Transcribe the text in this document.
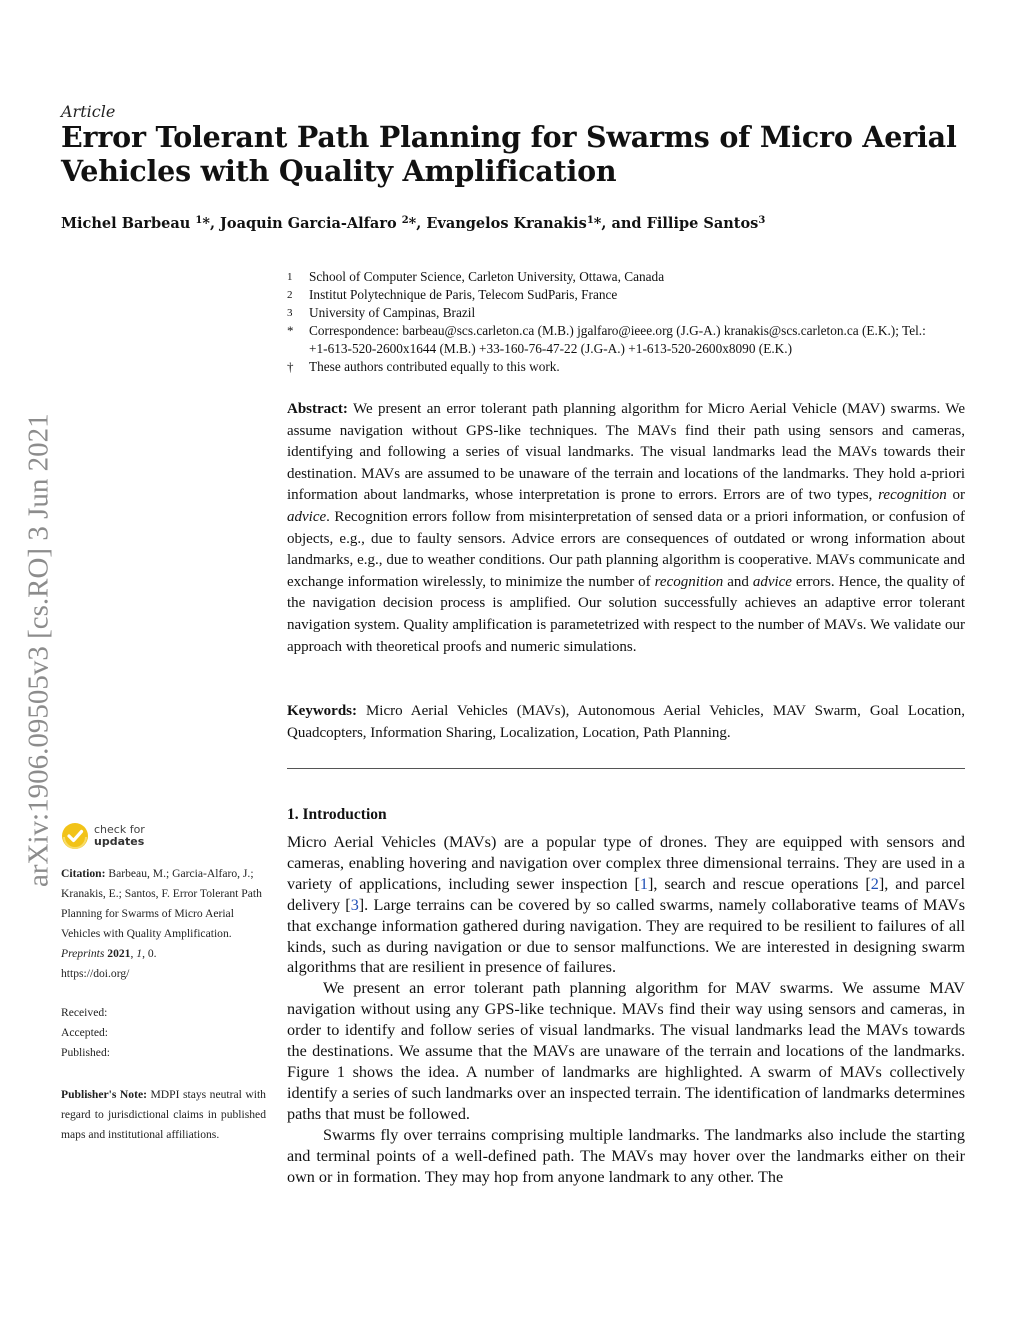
Article
Error Tolerant Path Planning for Swarms of Micro Aerial Vehicles with Quality Amplification
Michel Barbeau $^1$*, Joaquin Garcia-Alfaro $^2$*, Evangelos Kranakis$^1$*, and Fillipe Santos$^3$
1	School of Computer Science, Carleton University, Ottawa, Canada
2	Institut Polytechnique de Paris, Telecom SudParis, France
3	University of Campinas, Brazil
*	Correspondence: barbeau@scs.carleton.ca (M.B.) jgalfaro@ieee.org (J.G-A.) kranakis@scs.carleton.ca (E.K.); Tel.:
+1-613-520-2600x1644 (M.B.) +33-160-76-47-22 (J.G-A.) +1-613-520-2600x8090 (E.K.)
†	These authors contributed equally to this work.
Abstract: We present an error tolerant path planning algorithm for Micro Aerial Vehicle (MAV) swarms. We assume navigation without GPS-like techniques. The MAVs find their path using sensors and cameras, identifying and following a series of visual landmarks. The visual landmarks lead the MAVs towards their destination. MAVs are assumed to be unaware of the terrain and locations of the landmarks. They hold a-priori information about landmarks, whose interpretation is prone to errors. Errors are of two types, recognition or advice. Recognition errors follow from misinterpretation of sensed data or a priori information, or confusion of objects, e.g., due to faulty sensors. Advice errors are consequences of outdated or wrong information about landmarks, e.g., due to weather conditions. Our path planning algorithm is cooperative. MAVs communicate and exchange information wirelessly, to minimize the number of recognition and advice errors. Hence, the quality of the navigation decision process is amplified. Our solution successfully achieves an adaptive error tolerant navigation system. Quality amplification is parametetrized with respect to the number of MAVs. We validate our approach with theoretical proofs and numeric simulations.
Keywords: Micro Aerial Vehicles (MAVs), Autonomous Aerial Vehicles, MAV Swarm, Goal Location, Quadcopters, Information Sharing, Localization, Location, Path Planning.
1. Introduction

Micro Aerial Vehicles (MAVs) are a popular type of drones. They are equipped with sensors and cameras, enabling hovering and navigation over complex three dimensional terrains. They are used in a variety of applications, including sewer inspection [1], search and rescue operations [2], and parcel delivery [3]. Large terrains can be covered by so called swarms, namely collaborative teams of MAVs that exchange information gathered during navigation. They are required to be resilient to failures of all kinds, such as during navigation or due to sensor malfunctions. We are interested in designing swarm algorithms that are resilient in presence of failures.

We present an error tolerant path planning algorithm for MAV swarms. We assume MAV navigation without using any GPS-like technique. MAVs find their way using sensors and cameras, in order to identify and follow series of visual landmarks. The visual landmarks lead the MAVs towards the destinations. We assume that the MAVs are unaware of the terrain and locations of the landmarks. Figure 1 shows the idea. A number of landmarks are highlighted. A swarm of MAVs collectively identify a series of such landmarks over an inspected terrain. The identification of landmarks determines paths that must be followed.

Swarms fly over terrains comprising multiple landmarks. The landmarks also include the starting and terminal points of a well-defined path. The MAVs may hover over the landmarks either on their own or in formation. They may hop from anyone landmark to any other. The

arXiv:1906.09505v3 [cs.RO] 3 Jun 2021	check for
updates
Citation: Barbeau, M.; Garcia-Alfaro, J.; Kranakis, E.; Santos, F. Error Tolerant Path Planning for Swarms of Micro Aerial Vehicles with Quality Amplification. Preprints 2021, 1, 0.
https://doi.org/
Received:
Accepted:
Published:
Publisher's Note: MDPI stays neutral with regard to jurisdictional claims in published maps and institutional affiliations.
